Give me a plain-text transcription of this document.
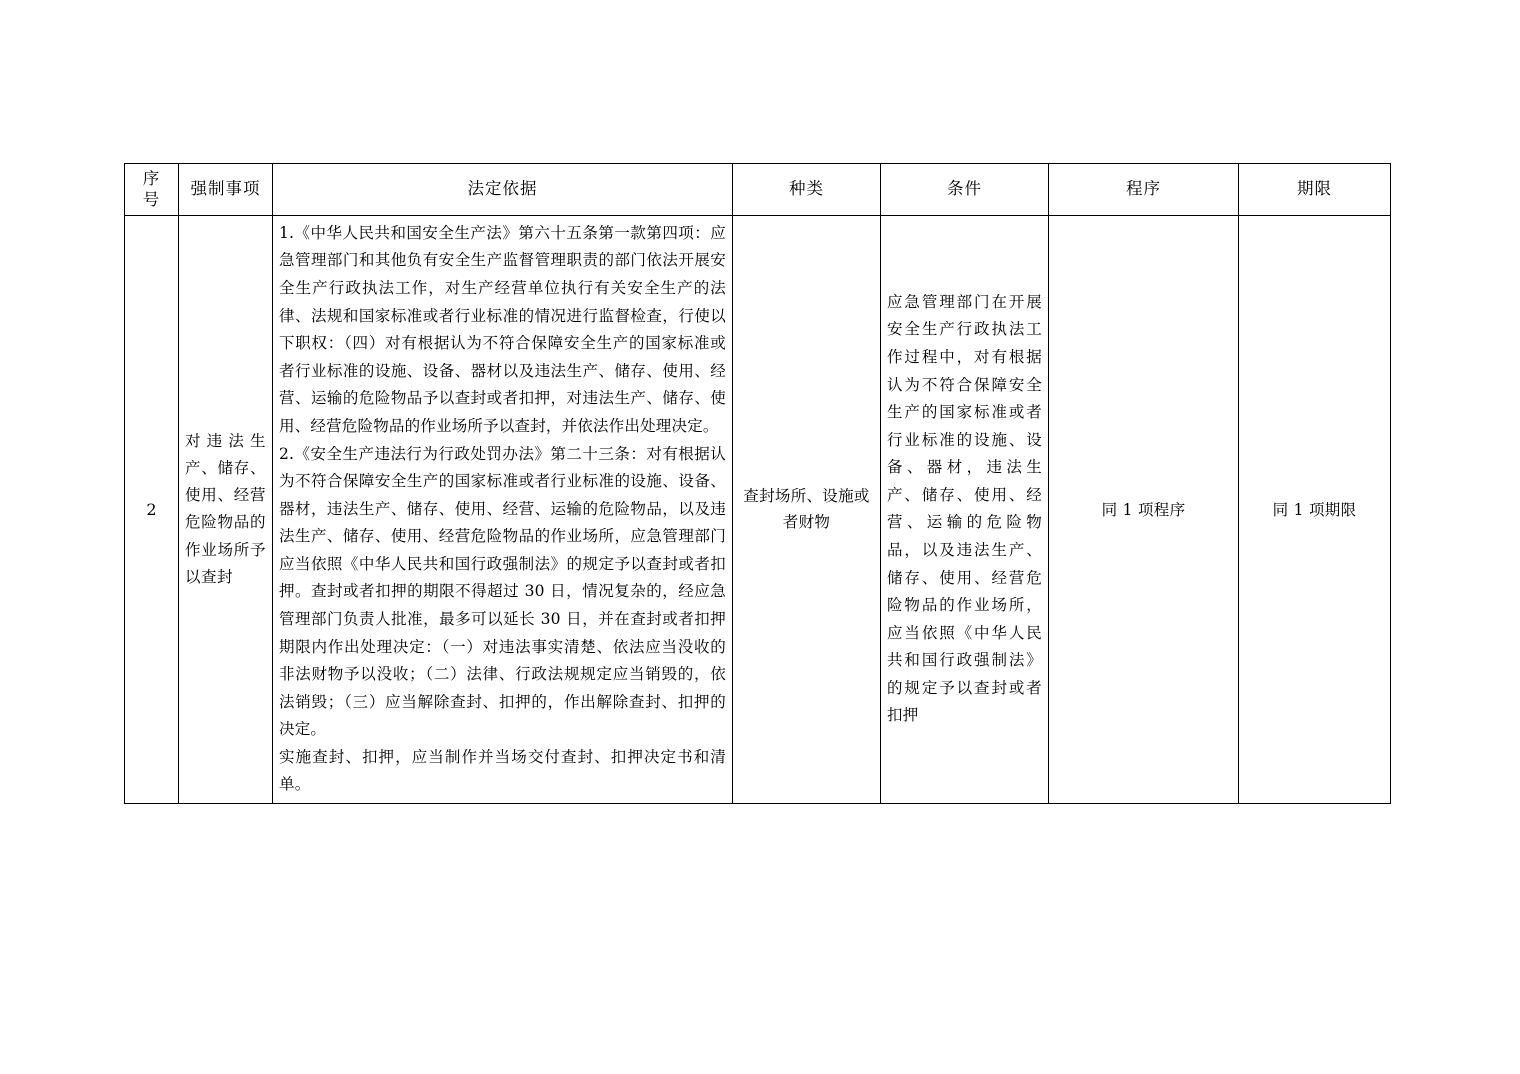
序
号	强制事项	法定依据	种类	条件	程序	期限
2	对违法生产、储存、使用、经营危险物品的作业场所予以查封	1.《中华人民共和国安全生产法》第六十五条第一款第四项：应急管理部门和其他负有安全生产监督管理职责的部门依法开展安全生产行政执法工作，对生产经营单位执行有关安全生产的法律、法规和国家标准或者行业标准的情况进行监督检查，行使以下职权：（四）对有根据认为不符合保障安全生产的国家标准或者行业标准的设施、设备、器材以及违法生产、储存、使用、经营、运输的危险物品予以查封或者扣押，对违法生产、储存、使用、经营危险物品的作业场所予以查封，并依法作出处理决定。

2.《安全生产违法行为行政处罚办法》第二十三条：对有根据认为不符合保障安全生产的国家标准或者行业标准的设施、设备、器材，违法生产、储存、使用、经营、运输的危险物品，以及违法生产、储存、使用、经营危险物品的作业场所，应急管理部门应当依照《中华人民共和国行政强制法》的规定予以查封或者扣押。查封或者扣押的期限不得超过 30 日，情况复杂的，经应急管理部门负责人批准，最多可以延长 30 日，并在查封或者扣押期限内作出处理决定：（一）对违法事实清楚、依法应当没收的非法财物予以没收；（二）法律、行政法规规定应当销毁的，依法销毁；（三）应当解除查封、扣押的，作出解除查封、扣押的决定。

实施查封、扣押，应当制作并当场交付查封、扣押决定书和清单。	查封场所、设施或者财物	应急管理部门在开展安全生产行政执法工作过程中，对有根据认为不符合保障安全生产的国家标准或者行业标准的设施、设备、器材，违法生产、储存、使用、经营、运输的危险物品，以及违法生产、储存、使用、经营危险物品的作业场所，应当依照《中华人民共和国行政强制法》的规定予以查封或者扣押	同 1 项程序	同 1 项期限
